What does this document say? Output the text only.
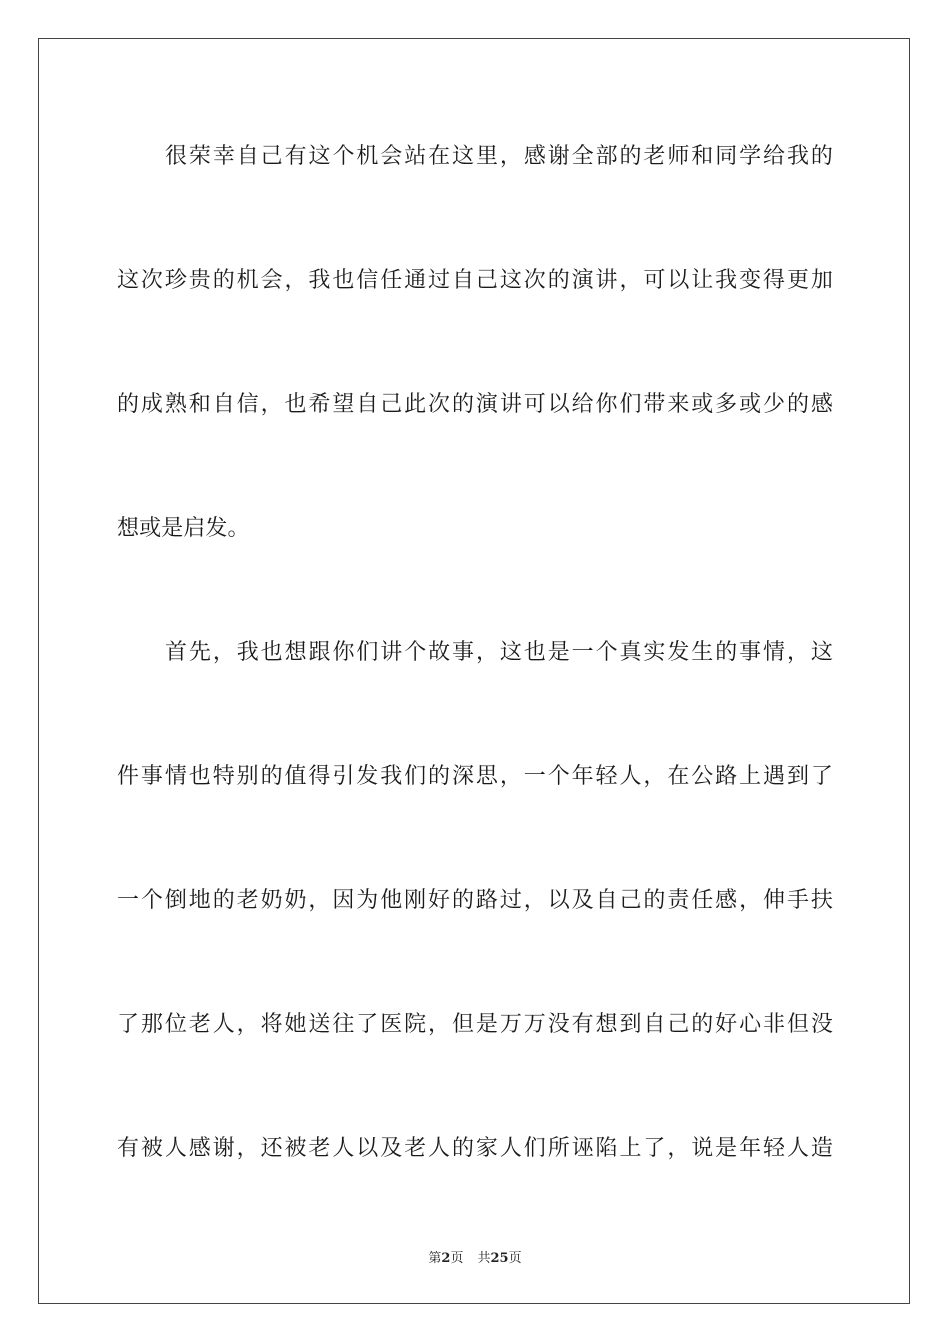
很荣幸自己有这个机会站在这里，感谢全部的老师和同学给我的
这次珍贵的机会，我也信任通过自己这次的演讲，可以让我变得更加
的成熟和自信，也希望自己此次的演讲可以给你们带来或多或少的感
想或是启发。
首先，我也想跟你们讲个故事，这也是一个真实发生的事情，这
件事情也特别的值得引发我们的深思，一个年轻人，在公路上遇到了
一个倒地的老奶奶，因为他刚好的路过，以及自己的责任感，伸手扶
了那位老人，将她送往了医院，但是万万没有想到自己的好心非但没
有被人感谢，还被老人以及老人的家人们所诬陷上了，说是年轻人造
第2页 共25页
